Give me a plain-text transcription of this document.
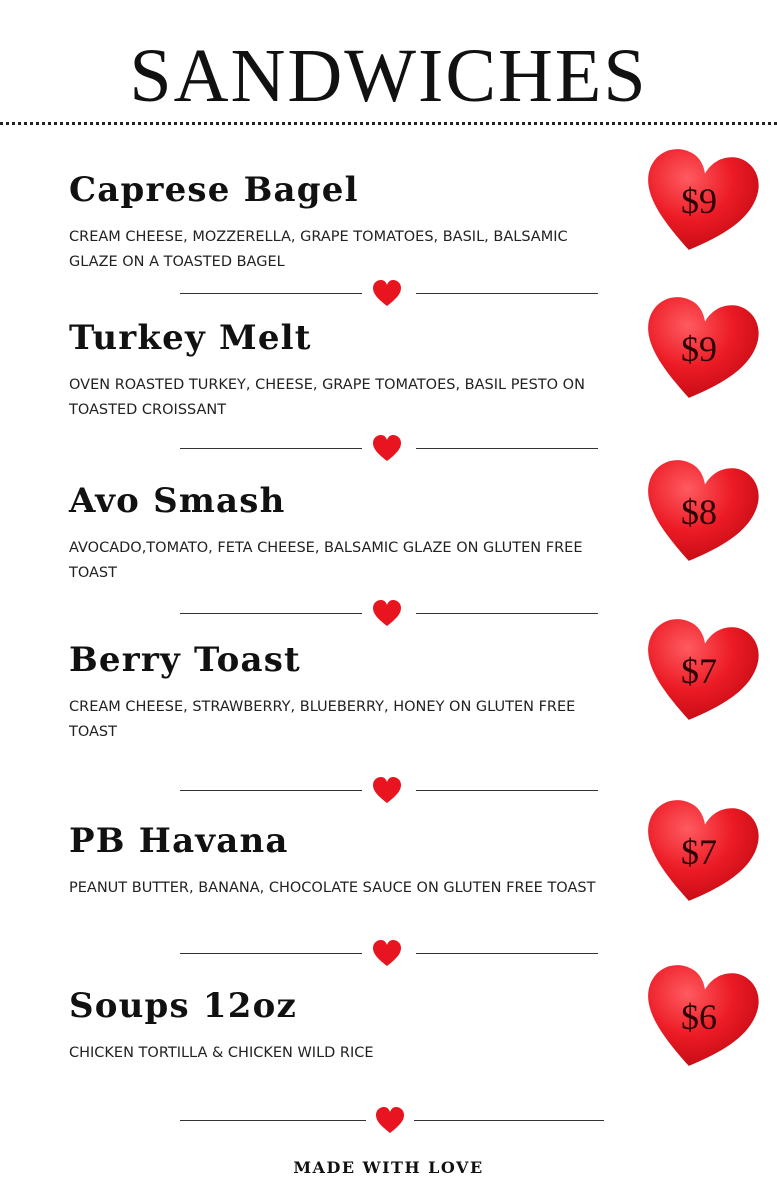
SANDWICHES
Caprese Bagel
CREAM CHEESE, MOZZERELLA, GRAPE TOMATOES, BASIL, BALSAMIC GLAZE ON A TOASTED BAGEL
$9
Turkey Melt
OVEN ROASTED TURKEY, CHEESE, GRAPE TOMATOES, BASIL PESTO ON TOASTED CROISSANT
$9
Avo Smash
AVOCADO,TOMATO, FETA CHEESE, BALSAMIC GLAZE ON GLUTEN FREE TOAST
$8
Berry Toast
CREAM CHEESE, STRAWBERRY, BLUEBERRY, HONEY ON GLUTEN FREE TOAST
$7
PB Havana
PEANUT BUTTER, BANANA, CHOCOLATE SAUCE ON GLUTEN FREE TOAST
$7
Soups 12oz
CHICKEN TORTILLA & CHICKEN WILD RICE
$6
MADE WITH LOVE
